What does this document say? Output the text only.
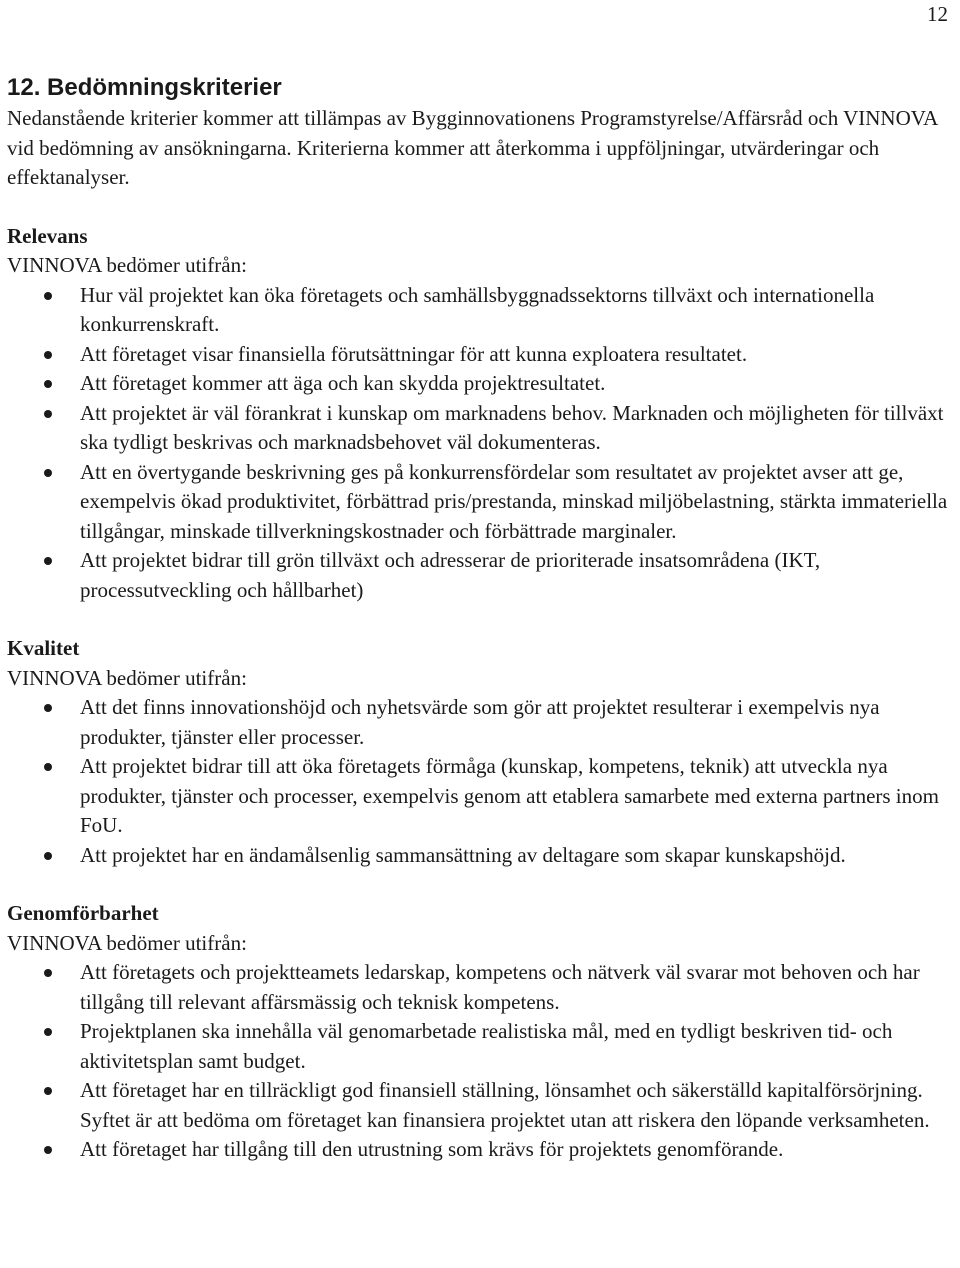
12
12. Bedömningskriterier

Nedanstående kriterier kommer att tillämpas av Bygginnovationens Programstyrelse/Affärsråd och VINNOVA vid bedömning av ansökningarna. Kriterierna kommer att återkomma i uppföljningar, utvärderingar och effektanalyser.

Relevans

VINNOVA bedömer utifrån:

Hur väl projektet kan öka företagets och samhällsbyggnadssektorns tillväxt och internationella konkurrenskraft.
Att företaget visar finansiella förutsättningar för att kunna exploatera resultatet.
Att företaget kommer att äga och kan skydda projektresultatet.
Att projektet är väl förankrat i kunskap om marknadens behov. Marknaden och möjligheten för tillväxt ska tydligt beskrivas och marknadsbehovet väl dokumenteras.
Att en övertygande beskrivning ges på konkurrensfördelar som resultatet av projektet avser att ge, exempelvis ökad produktivitet, förbättrad pris/prestanda, minskad miljöbelastning, stärkta immateriella tillgångar, minskade tillverkningskostnader och förbättrade marginaler.
Att projektet bidrar till grön tillväxt och adresserar de prioriterade insatsområdena (IKT, processutveckling och hållbarhet)

Kvalitet

VINNOVA bedömer utifrån:

Att det finns innovationshöjd och nyhetsvärde som gör att projektet resulterar i exempelvis nya produkter, tjänster eller processer.
Att projektet bidrar till att öka företagets förmåga (kunskap, kompetens, teknik) att utveckla nya produkter, tjänster och processer, exempelvis genom att etablera samarbete med externa partners inom FoU.
Att projektet har en ändamålsenlig sammansättning av deltagare som skapar kunskapshöjd.

Genomförbarhet

VINNOVA bedömer utifrån:

Att företagets och projektteamets ledarskap, kompetens och nätverk väl svarar mot behoven och har tillgång till relevant affärsmässig och teknisk kompetens.
Projektplanen ska innehålla väl genomarbetade realistiska mål, med en tydligt beskriven tid- och aktivitetsplan samt budget.
Att företaget har en tillräckligt god finansiell ställning, lönsamhet och säkerställd kapitalförsörjning. Syftet är att bedöma om företaget kan finansiera projektet utan att riskera den löpande verksamheten.
Att företaget har tillgång till den utrustning som krävs för projektets genomförande.
